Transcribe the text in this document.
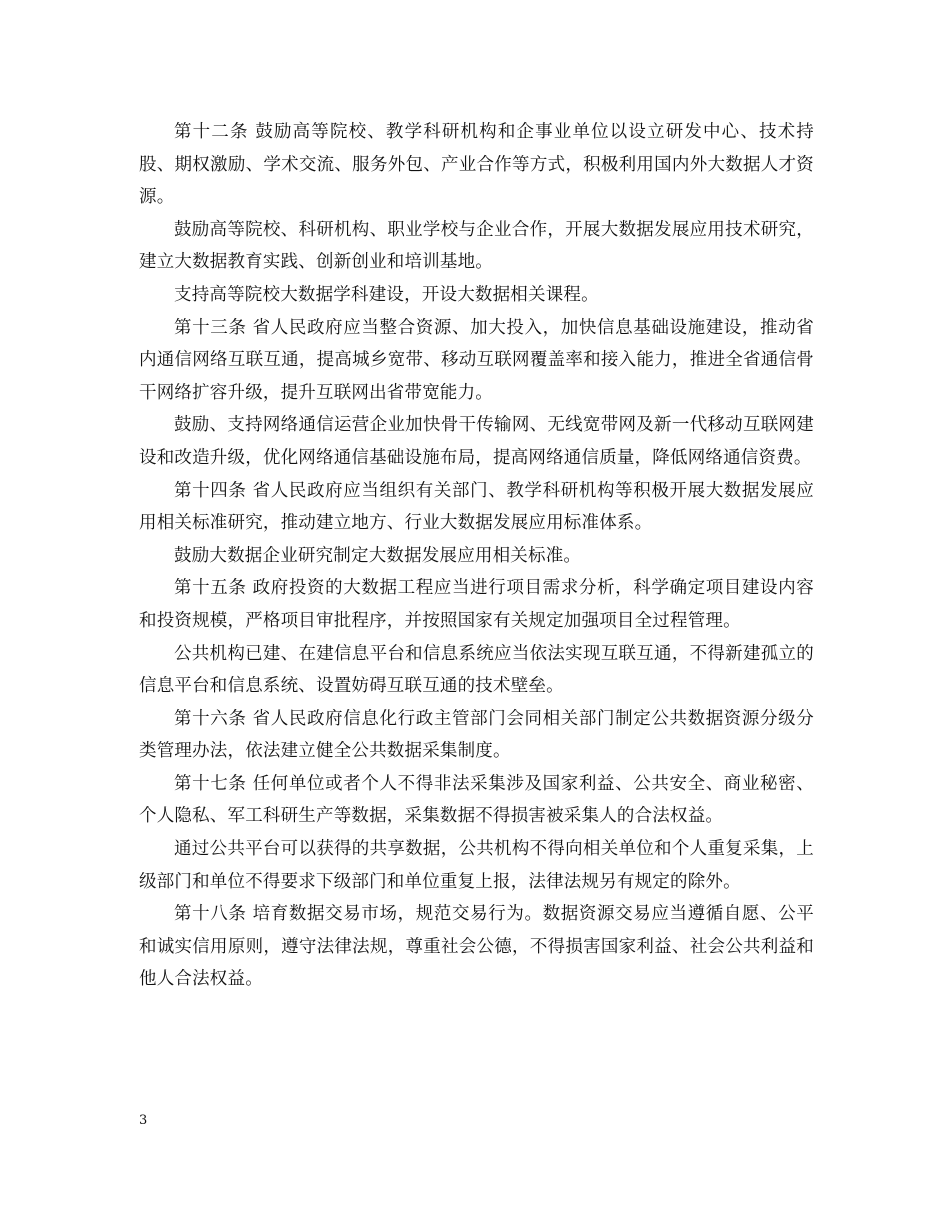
第十二条 鼓励高等院校、教学科研机构和企事业单位以设立研发中心、技术持股、期权激励、学术交流、服务外包、产业合作等方式，积极利用国内外大数据人才资源。

鼓励高等院校、科研机构、职业学校与企业合作，开展大数据发展应用技术研究，建立大数据教育实践、创新创业和培训基地。

支持高等院校大数据学科建设，开设大数据相关课程。

第十三条 省人民政府应当整合资源、加大投入，加快信息基础设施建设，推动省内通信网络互联互通，提高城乡宽带、移动互联网覆盖率和接入能力，推进全省通信骨干网络扩容升级，提升互联网出省带宽能力。

鼓励、支持网络通信运营企业加快骨干传输网、无线宽带网及新一代移动互联网建设和改造升级，优化网络通信基础设施布局，提高网络通信质量，降低网络通信资费。

第十四条 省人民政府应当组织有关部门、教学科研机构等积极开展大数据发展应用相关标准研究，推动建立地方、行业大数据发展应用标准体系。

鼓励大数据企业研究制定大数据发展应用相关标准。

第十五条 政府投资的大数据工程应当进行项目需求分析，科学确定项目建设内容和投资规模，严格项目审批程序，并按照国家有关规定加强项目全过程管理。

公共机构已建、在建信息平台和信息系统应当依法实现互联互通，不得新建孤立的信息平台和信息系统、设置妨碍互联互通的技术壁垒。

第十六条 省人民政府信息化行政主管部门会同相关部门制定公共数据资源分级分类管理办法，依法建立健全公共数据采集制度。

第十七条 任何单位或者个人不得非法采集涉及国家利益、公共安全、商业秘密、个人隐私、军工科研生产等数据，采集数据不得损害被采集人的合法权益。

通过公共平台可以获得的共享数据，公共机构不得向相关单位和个人重复采集，上级部门和单位不得要求下级部门和单位重复上报，法律法规另有规定的除外。

第十八条 培育数据交易市场，规范交易行为。数据资源交易应当遵循自愿、公平和诚实信用原则，遵守法律法规，尊重社会公德，不得损害国家利益、社会公共利益和他人合法权益。

3
